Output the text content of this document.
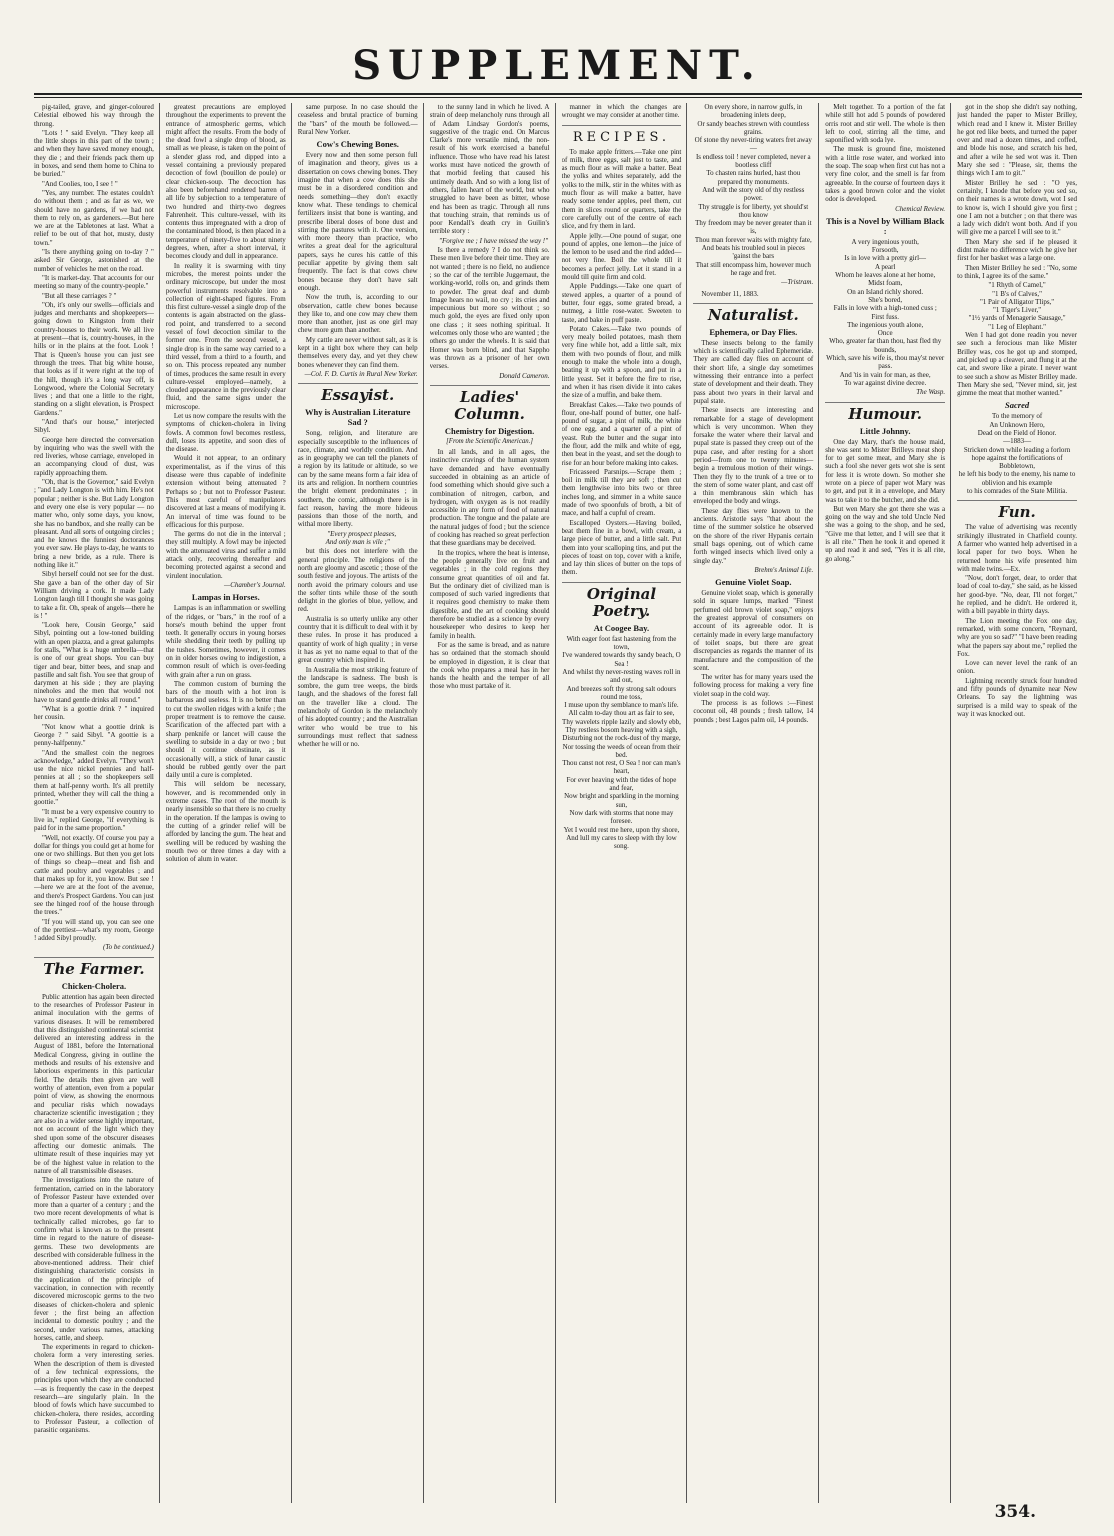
SUPPLEMENT.

pig-tailed, grave, and ginger-coloured Celestial elbowed his way through the throng.

"Lots ! " said Evelyn. "They keep all the little shops in this part of the town ; and when they have saved money enough, they die ; and their friends pack them up in boxes, and send them home to China to be buried."

"And Coolies, too, I see ! "

"Yes, any number. The estates couldn't do without them ; and as far as we, we should have no gardens, if we had not them to rely on, as gardeners.—But here we are at the Tabletones at last. What a relief to be out of that hot, musty, dusty town."

"Is there anything going on to-day ? " asked Sir George, astonished at the number of vehicles he met on the road.

"It is market-day. That accounts for our meeting so many of the country-people."

"But all these carriages ? "

"Oh, it's only our swells—officials and judges and merchants and shopkeepers—going down to Kingston from their country-houses to their work. We all live at present—that is, country-houses, in the hills or in the plains at the foot. Look ! That is Queen's house you can just see through the trees. That big white house, that looks as if it were right at the top of the hill, though it's a long way off, is Longwood, where the Colonial Secretary lives ; and that one a little to the right, standing on a slight elevation, is Prospect Gardens."

"And that's our house," interjected Sibyl.

George here directed the conversation by inquiring who was the swell with the red liveries, whose carriage, enveloped in an accompanying cloud of dust, was rapidly approaching them.

"Oh, that is the Governor," said Evelyn ; "and Lady Longton is with him. He's not popular ; neither is she. But Lady Longton and every one else is very popular — no matter who, only some days, you know, she has no bandbox, and she really can be pleasant. And all sorts of outgoing circles ; and he knows the funniest doctorances you ever saw. He plays to-day, he wants to bring a new bride, as a rule. There is nothing like it."

Sibyl herself could not see for the dust. She gave a ban of the other day of Sir William driving a cork. It made Lady Longton laugh till I thought she was going to take a fit. Oh, speak of angels—there he is ! "

"Look here, Cousin George," said Sibyl, pointing out a low-toned building with an open piazza, and a great galumphs for stalls, "What is a huge umbrella—that is one of our great shops. You can buy tiger and bear, bitter bees, and snap and pastille and salt fish. You see that group of darymen at his side ; they are playing nineholes and the men that would not have to stand gentle drinks all round."

"What is a goottie drink ? " inquired her cousin.

"Not know what a goottie drink is George ? " said Sibyl. "A goottie is a penny-halfpenny."

"And the smallest coin the negroes acknowledge," added Evelyn. "They won't use the nice nickel pennies and half-pennies at all ; so the shopkeepers sell them at half-penny worth. It's all prettily printed, whether they will call the thing a goottie."

"It must be a very expensive country to live in," replied George, "if everything is paid for in the same proportion."

"Well, not exactly. Of course you pay a dollar for things you could get at home for one or two shillings. But then you get lots of things so cheap—meat and fish and cattle and poultry and vegetables ; and that makes up for it, you know. But see !—here we are at the foot of the avenue, and there's Prospect Gardens. You can just see the hinged roof of the house through the trees."

"If you will stand up, you can see one of the prettiest—what's my room, George ! added Sibyl proudly.

(To be continued.)
The Farmer.
Chicken-Cholera.

Public attention has again been directed to the researches of Professor Pasteur in animal inoculation with the germs of various diseases. It will be remembered that this distinguished continental scientist delivered an interesting address in the August of 1881, before the International Medical Congress, giving in outline the methods and results of his extensive and laborious experiments in this particular field. The details then given are well worthy of attention, even from a popular point of view, as showing the enormous and peculiar risks which nowadays characterize scientific investigation ; they are also in a wider sense highly important, not on account of the light which they shed upon some of the obscurer diseases affecting our domestic animals. The ultimate result of these inquiries may yet be of the highest value in relation to the nature of all transmissible diseases.

The investigations into the nature of fermentation, carried on in the laboratory of Professor Pasteur have extended over more than a quarter of a century ; and the two more recent developments of what is technically called microbes, go far to confirm what is known as to the present time in regard to the nature of disease-germs. These two developments are described with considerable fullness in the above-mentioned address. Their chief distinguishing characteristic consists in the application of the principle of vaccination, in connection with recently discovered microscopic germs to the two diseases of chicken-cholera and splenic fever ; the first being an affection incidental to domestic poultry ; and the second, under various names, attacking horses, cattle, and sheep.

The experiments in regard to chicken-cholera form a very interesting series. When the description of them is divested of a few technical expressions, the principles upon which they are conducted—as is frequently the case in the deepest research—are singularly plain. In the blood of fowls which have succumbed to chicken-cholera, there resides, according to Professor Pasteur, a collection of parasitic organisms.

greatest precautions are employed throughout the experiments to prevent the entrance of atmospheric germs, which might affect the results. From the body of the dead fowl a single drop of blood, as small as we please, is taken on the point of a slender glass rod, and dipped into a vessel containing a previously prepared decoction of fowl (bouillon de poule) or clear chicken-soup. The decoction has also been beforehand rendered barren of all life by subjection to a temperature of two hundred and thirty-two degrees Fahrenheit. This culture-vessel, with its contents thus impregnated with a drop of the contaminated blood, is then placed in a temperature of ninety-five to about ninety degrees, when, after a short interval, it becomes cloudy and dull in appearance.

In reality it is swarming with tiny microbes, the merest points under the ordinary microscope, but under the most powerful instruments resolvable into a collection of eight-shaped figures. From this first culture-vessel a single drop of the contents is again abstracted on the glass-rod point, and transferred to a second vessel of fowl decoction similar to the former one. From the second vessel, a single drop is in the same way carried to a third vessel, from a third to a fourth, and so on. This process repeated any number of times, produces the same result in every culture-vessel employed—namely, a clouded appearance in the previously clear fluid, and the same signs under the microscope.

Let us now compare the results with the symptoms of chicken-cholera in living fowls. A common fowl becomes restless, dull, loses its appetite, and soon dies of the disease.

Would it not appear, to an ordinary experimentalist, as if the virus of this disease were thus capable of indefinite extension without being attenuated ? Perhaps so ; but not to Professor Pasteur. This most careful of manipulators discovered at last a means of modifying it. An interval of time was found to be efficacious for this purpose.

The germs do not die in the interval ; they still multiply. A fowl may be injected with the attenuated virus and suffer a mild attack only, recovering thereafter and becoming protected against a second and virulent inoculation.

—Chamber's Journal.
Lampas in Horses.

Lampas is an inflammation or swelling of the ridges, or "bars," in the roof of a horse's mouth behind the upper front teeth. It generally occurs in young horses while shedding their teeth by pulling up the tushes. Sometimes, however, it comes on in older horses owing to indigestion, a common result of which is over-feeding with grain after a run on grass.

The common custom of burning the bars of the mouth with a hot iron is barbarous and useless. It is no better than to cut the swollen ridges with a knife ; the proper treatment is to remove the cause. Scarification of the affected part with a sharp penknife or lancet will cause the swelling to subside in a day or two ; but should it continue obstinate, as it occasionally will, a stick of lunar caustic should be rubbed gently over the part daily until a cure is completed.

This will seldom be necessary, however, and is recommended only in extreme cases. The root of the mouth is nearly insensible so that there is no cruelty in the operation. If the lampas is owing to the cutting of a grinder relief will be afforded by lancing the gum. The heat and swelling will be reduced by washing the mouth two or three times a day with a solution of alum in water.

same purpose. In no case should the ceaseless and brutal practice of burning the "bars" of the mouth be followed.—Rural New Yorker.

Cow's Chewing Bones.

Every now and then some person full of imagination and theory, gives us a dissertation on cows chewing bones. They imagine that when a cow does this she must be in a disordered condition and needs something—they don't exactly know what. These tendings to chemical fertilizers insist that bone is wanting, and prescribe liberal doses of bone dust and stirring the pastures with it. One version, with more theory than practice, who writes a great deal for the agricultural papers, says he cures his cattle of this peculiar appetite by giving them salt frequently. The fact is that cows chew bones because they don't have salt enough.

Now the truth, is, according to our observation, cattle chew bones because they like to, and one cow may chew them more than another, just as one girl may chew more gum than another.

My cattle are never without salt, as it is kept in a tight box where they can help themselves every day, and yet they chew bones whenever they can find them.

—Col. F. D. Curtis in Rural New Yorker.
Essayist.
Why is Australian Literature Sad ?

Song, religion, and literature are especially susceptible to the influences of race, climate, and worldly condition. And as in geography we can tell the planets of a region by its latitude or altitude, so we can by the same means form a fair idea of its arts and religion. In northern countries the bright element predominates ; in southern, the comic, although there is in fact reason, having the more hideous passions than those of the north, and withal more liberty.

"Every prospect pleases,
And only man is vile ;"

but this does not interfere with the general principle. The religions of the north are gloomy and ascetic ; those of the south festive and joyous. The artists of the north avoid the primary colours and use the softer tints while those of the south delight in the glories of blue, yellow, and red.

Australia is so utterly unlike any other country that it is difficult to deal with it by these rules. In prose it has produced a quantity of work of high quality ; in verse it has as yet no name equal to that of the great country which inspired it.

In Australia the most striking feature of the landscape is sadness. The bush is sombre, the gum tree weeps, the birds laugh, and the shadows of the forest fall on the traveller like a cloud. The melancholy of Gordon is the melancholy of his adopted country ; and the Australian writer who would be true to his surroundings must reflect that sadness whether he will or no.

to the sunny land in which he lived. A strain of deep melancholy runs through all of Adam Lindsay Gordon's poems, suggestive of the tragic end. On Marcus Clarke's more versatile mind, the non-result of his work exercised a baneful influence. Those who have read his latest works must have noticed the growth of that morbid feeling that caused his untimely death. And so with a long list of others, fallen heart of the world, but who struggled to have been as bitter, whose end has been as tragic. Through all runs that touching strain, that reminds us of poor Kendall's death cry in Guilin's terrible story :

"Forgive me ; I have missed the way !"

Is there a remedy ? I do not think so. These men live before their time. They are not wanted ; there is no field, no audience ; so the car of the terrible Juggernaut, the working-world, rolls on, and grinds them to powder. The great deaf and dumb Image hears no wail, no cry ; its cries and impecunious but more so without ; so much gold, the eyes are fixed only upon one class ; it sees nothing spiritual. It welcomes only those who are wanted ; the others go under the wheels. It is said that Homer was born blind, and that Sappho was thrown as a prisoner of her own verses.

Donald Cameron.
Ladies' Column.
Chemistry for Digestion.
[From the Scientific American.]

In all lands, and in all ages, the instinctive cravings of the human system have demanded and have eventually succeeded in obtaining as an article of food something which should give such a combination of nitrogen, carbon, and hydrogen, with oxygen as is not readily accessible in any form of food of natural production. The tongue and the palate are the natural judges of food ; but the science of cooking has reached so great perfection that these guardians may be deceived.

In the tropics, where the heat is intense, the people generally live on fruit and vegetables ; in the cold regions they consume great quantities of oil and fat. But the ordinary diet of civilized man is composed of such varied ingredients that it requires good chemistry to make them digestible, and the art of cooking should therefore be studied as a science by every housekeeper who desires to keep her family in health.

For as the same is bread, and as nature has so ordained that the stomach should be employed in digestion, it is clear that the cook who prepares a meal has in her hands the health and the temper of all those who must partake of it.

manner in which the changes are wrought we may consider at another time.

RECIPES.

To make apple fritters.—Take one pint of milk, three eggs, salt just to taste, and as much flour as will make a batter. Beat the yolks and whites separately, add the yolks to the milk, stir in the whites with as much flour as will make a batter, have ready some tender apples, peel them, cut them in slices round or quarters, take the core carefully out of the centre of each slice, and fry them in lard.

Apple jelly.—One pound of sugar, one pound of apples, one lemon—the juice of the lemon to be used and the rind added—not very fine. Boil the whole till it becomes a perfect jelly. Let it stand in a mould till quite firm and cold.

Apple Puddings.—Take one quart of stewed apples, a quarter of a pound of butter, four eggs, some grated bread, a nutmeg, a little rose-water. Sweeten to taste, and bake in puff paste.

Potato Cakes.—Take two pounds of very mealy boiled potatoes, mash them very fine while hot, add a little salt, mix them with two pounds of flour, and milk enough to make the whole into a dough, beating it up with a spoon, and put in a little yeast. Set it before the fire to rise, and when it has risen divide it into cakes the size of a muffin, and bake them.

Breakfast Cakes.—Take two pounds of flour, one-half pound of butter, one half-pound of sugar, a pint of milk, the white of one egg, and a quarter of a pint of yeast. Rub the butter and the sugar into the flour, add the milk and white of egg, then beat in the yeast, and set the dough to rise for an hour before making into cakes.

Fricasseed Parsnips.—Scrape them ; boil in milk till they are soft ; then cut them lengthwise into bits two or three inches long, and simmer in a white sauce made of two spoonfuls of broth, a bit of mace, and half a cupful of cream.

Escalloped Oysters.—Having boiled, beat them fine in a bowl, with cream, a large piece of butter, and a little salt. Put them into your scalloping tins, and put the pieces of toast on top, cover with a knife, and lay thin slices of butter on the tops of them.

Original Poetry.
At Coogee Bay.
With eager foot fast hastening from the town,
I've wandered towards thy sandy beach, O Sea !
And whilst thy never-resting waves roll in and out,
And breezes soft thy strong salt odours round me toss,
I muse upon thy semblance to man's life.
All calm to-day thou art as fair to see,
Thy wavelets ripple lazily and slowly ebb,
Thy restless bosom heaving with a sigh,
Disturbing not the rock-dust of thy marge,
Nor tossing the weeds of ocean from their bed.
Thou canst not rest, O Sea ! nor can man's heart,
For ever heaving with the tides of hope and fear,
Now bright and sparkling in the morning sun,
Now dark with storms that none may foresee.
Yet I would rest me here, upon thy shore,
And lull my cares to sleep with thy low song.
On every shore, in narrow gulfs, in broadening inlets deep,
Or sandy beaches strewn with countless grains.
Of stone thy never-tiring waters fret away—
Is endless toil ! never completed, never a bootless cliff
To chasten rains hurled, hast thou prepared thy monuments.
And wilt the story old of thy restless power.
Thy struggle is for liberty, yet should'st thou know
Thy freedom may be never greater than it is,
Thou man forever waits with mighty fate,
And beats his troubled soul in pieces 'gainst the bars
That still encompass him, however much he rage and fret.
—Tristram.
November 11, 1883.
Naturalist.
Ephemera, or Day Flies.

These insects belong to the family which is scientifically called Ephemeridæ. They are called day flies on account of their short life, a single day sometimes witnessing their entrance into a perfect state of development and their death. They pass about two years in their larval and pupal state.

These insects are interesting and remarkable for a stage of development which is very uncommon. When they forsake the water where their larval and pupal state is passed they creep out of the pupa case, and after resting for a short period—from one to twenty minutes—begin a tremulous motion of their wings. Then they fly to the trunk of a tree or to the stem of some water plant, and cast off a thin membranous skin which has enveloped the body and wings.

These day flies were known to the ancients. Aristotle says "that about the time of the summer solstice he observed on the shore of the river Hypanis certain small bags opening, out of which came forth winged insects which lived only a single day."

Brehm's Animal Life.
Genuine Violet Soap.

Genuine violet soap, which is generally sold in square lumps, marked "Finest perfumed old brown violet soap," enjoys the greatest approval of consumers on account of its agreeable odor. It is certainly made in every large manufactory of toilet soaps, but there are great discrepancies as regards the manner of its manufacture and the composition of the scent.

The writer has for many years used the following process for making a very fine violet soap in the cold way.

The process is as follows :—Finest coconut oil, 48 pounds ; fresh tallow, 14 pounds ; best Lagos palm oil, 14 pounds.

Melt together. To a portion of the fat while still hot add 5 pounds of powdered orris root and stir well. The whole is then left to cool, stirring all the time, and saponified with soda lye.

The musk is ground fine, moistened with a little rose water, and worked into the soap. The soap when first cut has not a very fine color, and the smell is far from agreeable. In the course of fourteen days it takes a good brown color and the violet odor is developed.

Chemical Review.
This is a Novel by William Black :
A very ingenious youth,
Forsooth,
Is in love with a pretty girl—
A pearl
Whom he leaves alone at her home,
Midst foam,
On an Island richly shored.
She's bored,
Falls in love with a high-toned cuss ;
First fuss.
The ingenious youth alone,
Once
Who, greater far than thou, hast fled thy bounds,
Which, save his wife is, thou may'st never pass.
And 'tis in vain for man, as thee,
To war against divine decree.
The Wasp.
Humour.
Little Johnny.

One day Mary, that's the house maid, she was sent to Mister Brilleys meat shop for to get some meat, and Mary she is such a fool she never gets wot she is sent for less it is wrote down. So mother she wrote on a piece of paper wot Mary was to get, and put it in a envelope, and Mary was to take it to the butcher, and she did.

But wen Mary she got there she was a going on the way and she told Uncle Ned she was a going to the shop, and he sed, "Give me that letter, and I will see that it is all rite." Then he took it and opened it up and read it and sed, "Yes it is all rite, go along."

got in the shop she didn't say nothing, just handed the paper to Mister Brilley, which read and I knew it. Mister Brilley he got red like beets, and turned the paper over and read a dozen times, and coffed, and blode his nose, and scratch his hed, and after a wile he sed wot was it. Then Mary she sed : "Please, sir, thems the things wich I am to git."

Mister Brilley he sed : "O yes, certainly, I knode that before you sed so, on their names is a wrote down, wot I sed to know is, wich I should give you first ; one I am not a butcher ; on that there was a lady wich didn't wont both. And if you will give me a parcel I will see to it."

Then Mary she sed if he pleased it didnt make no difference wich he give her first for her basket was a large one.

Then Mister Brilley he sed : "No, some to think, I agree its of the same."

"1 Rhyth of Camel,"
"1 B's of Calves,"
"1 Pair of Alligator Tlips,"
"1 Tiger's Liver,"
"1½ yards of Menagerie Sausage,"
"1 Leg of Elephant."

Wen I had got done readin you never see such a ferocious man like Mister Brilley was, cos he got up and stomped, and picked up a cleaver, and flung it at the cat, and swore like a pirate. I never want to see such a show as Mister Brilley made. Then Mary she sed, "Never mind, sir, jest gimme the meat that mother wanted."

Sacred
To the memory of
An Unknown Hero,
Dead on the Field of Honor.
—1883—
Stricken down while leading a forlorn hope against the fortifications of Bobbletown,
he left his body to the enemy, his name to oblivion and his example
to his comrades of the State Militia.
Fun.

The value of advertising was recently strikingly illustrated in Chatfield county. A farmer who wanted help advertised in a local paper for two boys. When he returned home his wife presented him with male twins.—Ex.

"Now, don't forget, dear, to order that load of coal to-day," she said, as he kissed her good-bye. "No, dear, I'll not forget," he replied, and he didn't. He ordered it, with a bill payable in thirty days.

The Lion meeting the Fox one day, remarked, with some concern, "Reynard, why are you so sad?" "I have been reading what the papers say about me," replied the Fox.

Love can never level the rank of an onion.

Lightning recently struck four hundred and fifty pounds of dynamite near New Orleans. To say the lightning was surprised is a mild way to speak of the way it was knocked out.

354.
